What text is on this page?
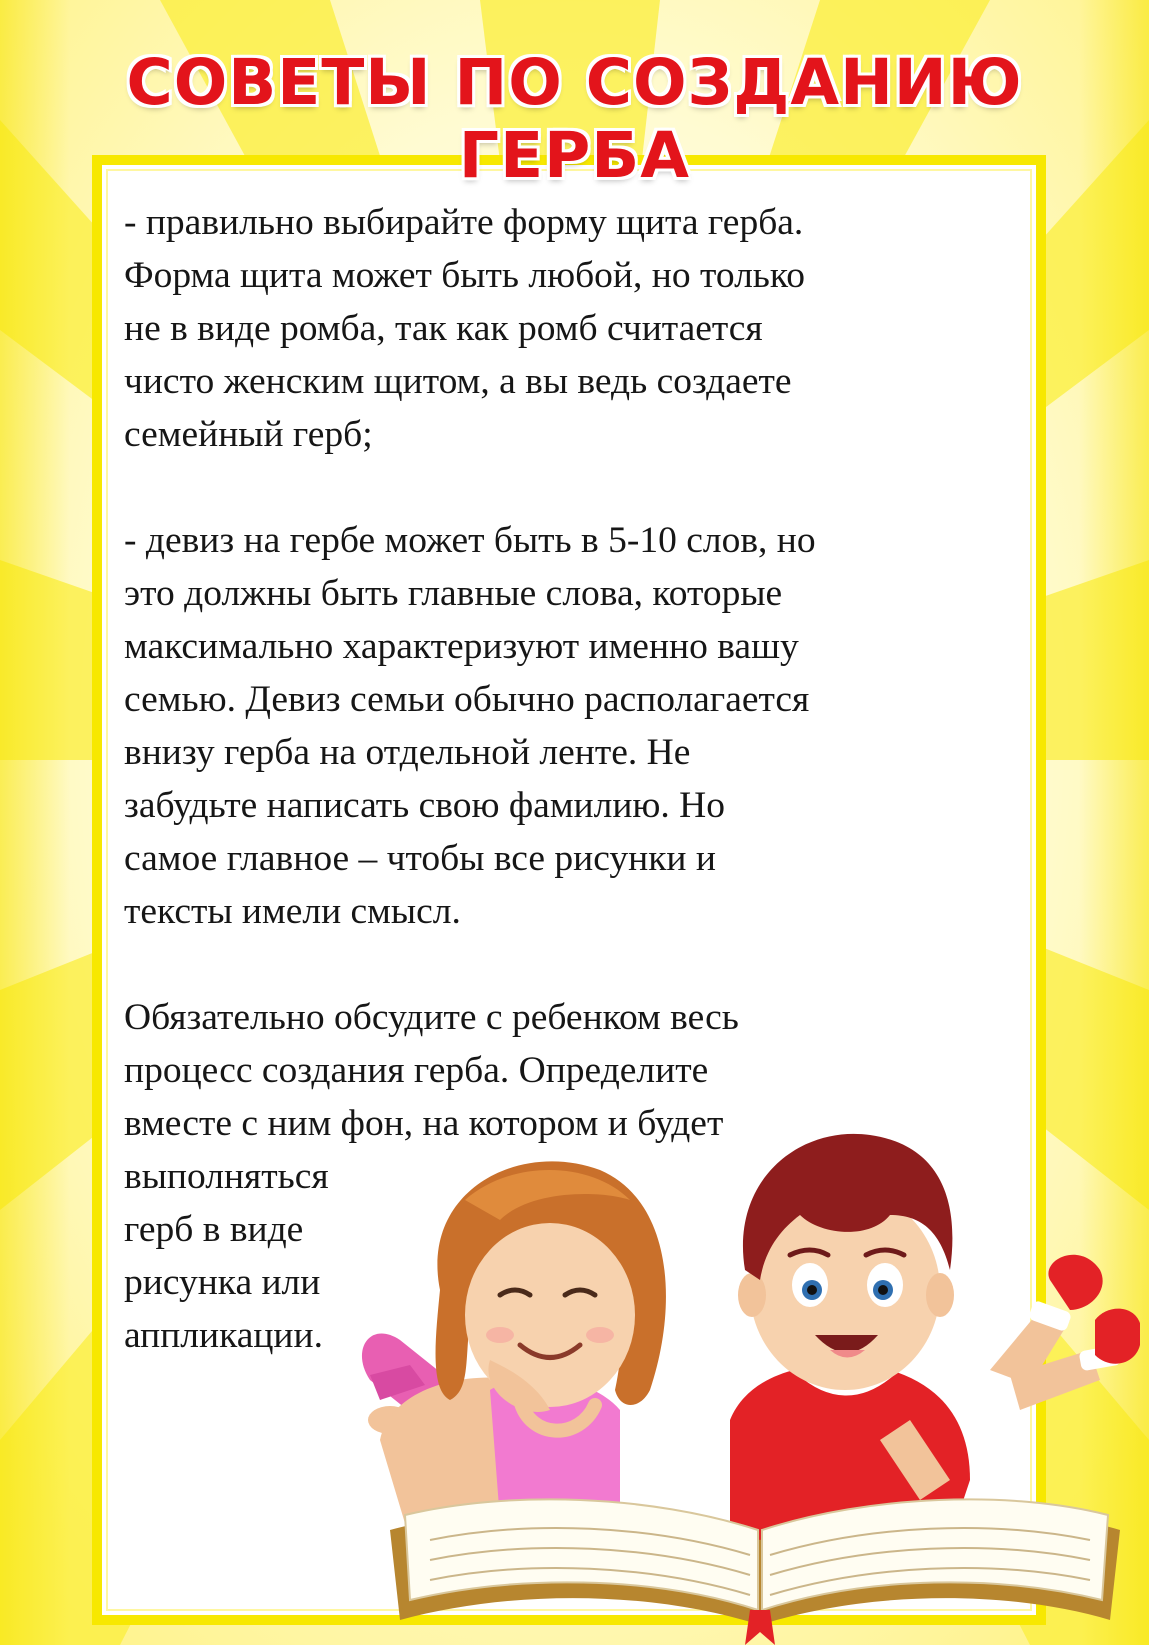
СОВЕТЫ ПО СОЗДАНИЮ ГЕРБА

- правильно выбирайте форму щита герба.
Форма щита может быть любой, но только
не в виде ромба, так как ромб считается
чисто женским щитом, а вы ведь создаете
семейный герб;

- девиз на гербе может быть в 5-10 слов, но
это должны быть главные слова, которые
максимально характеризуют именно вашу
семью. Девиз семьи обычно располагается
внизу герба на отдельной ленте. Не
забудьте написать свою фамилию. Но
самое главное – чтобы все рисунки и
тексты имели смысл.

Обязательно обсудите с ребенком весь
процесс создания герба. Определите
вместе с ним фон, на котором и будет
выполняться
герб в виде
рисунка или
аппликации.
